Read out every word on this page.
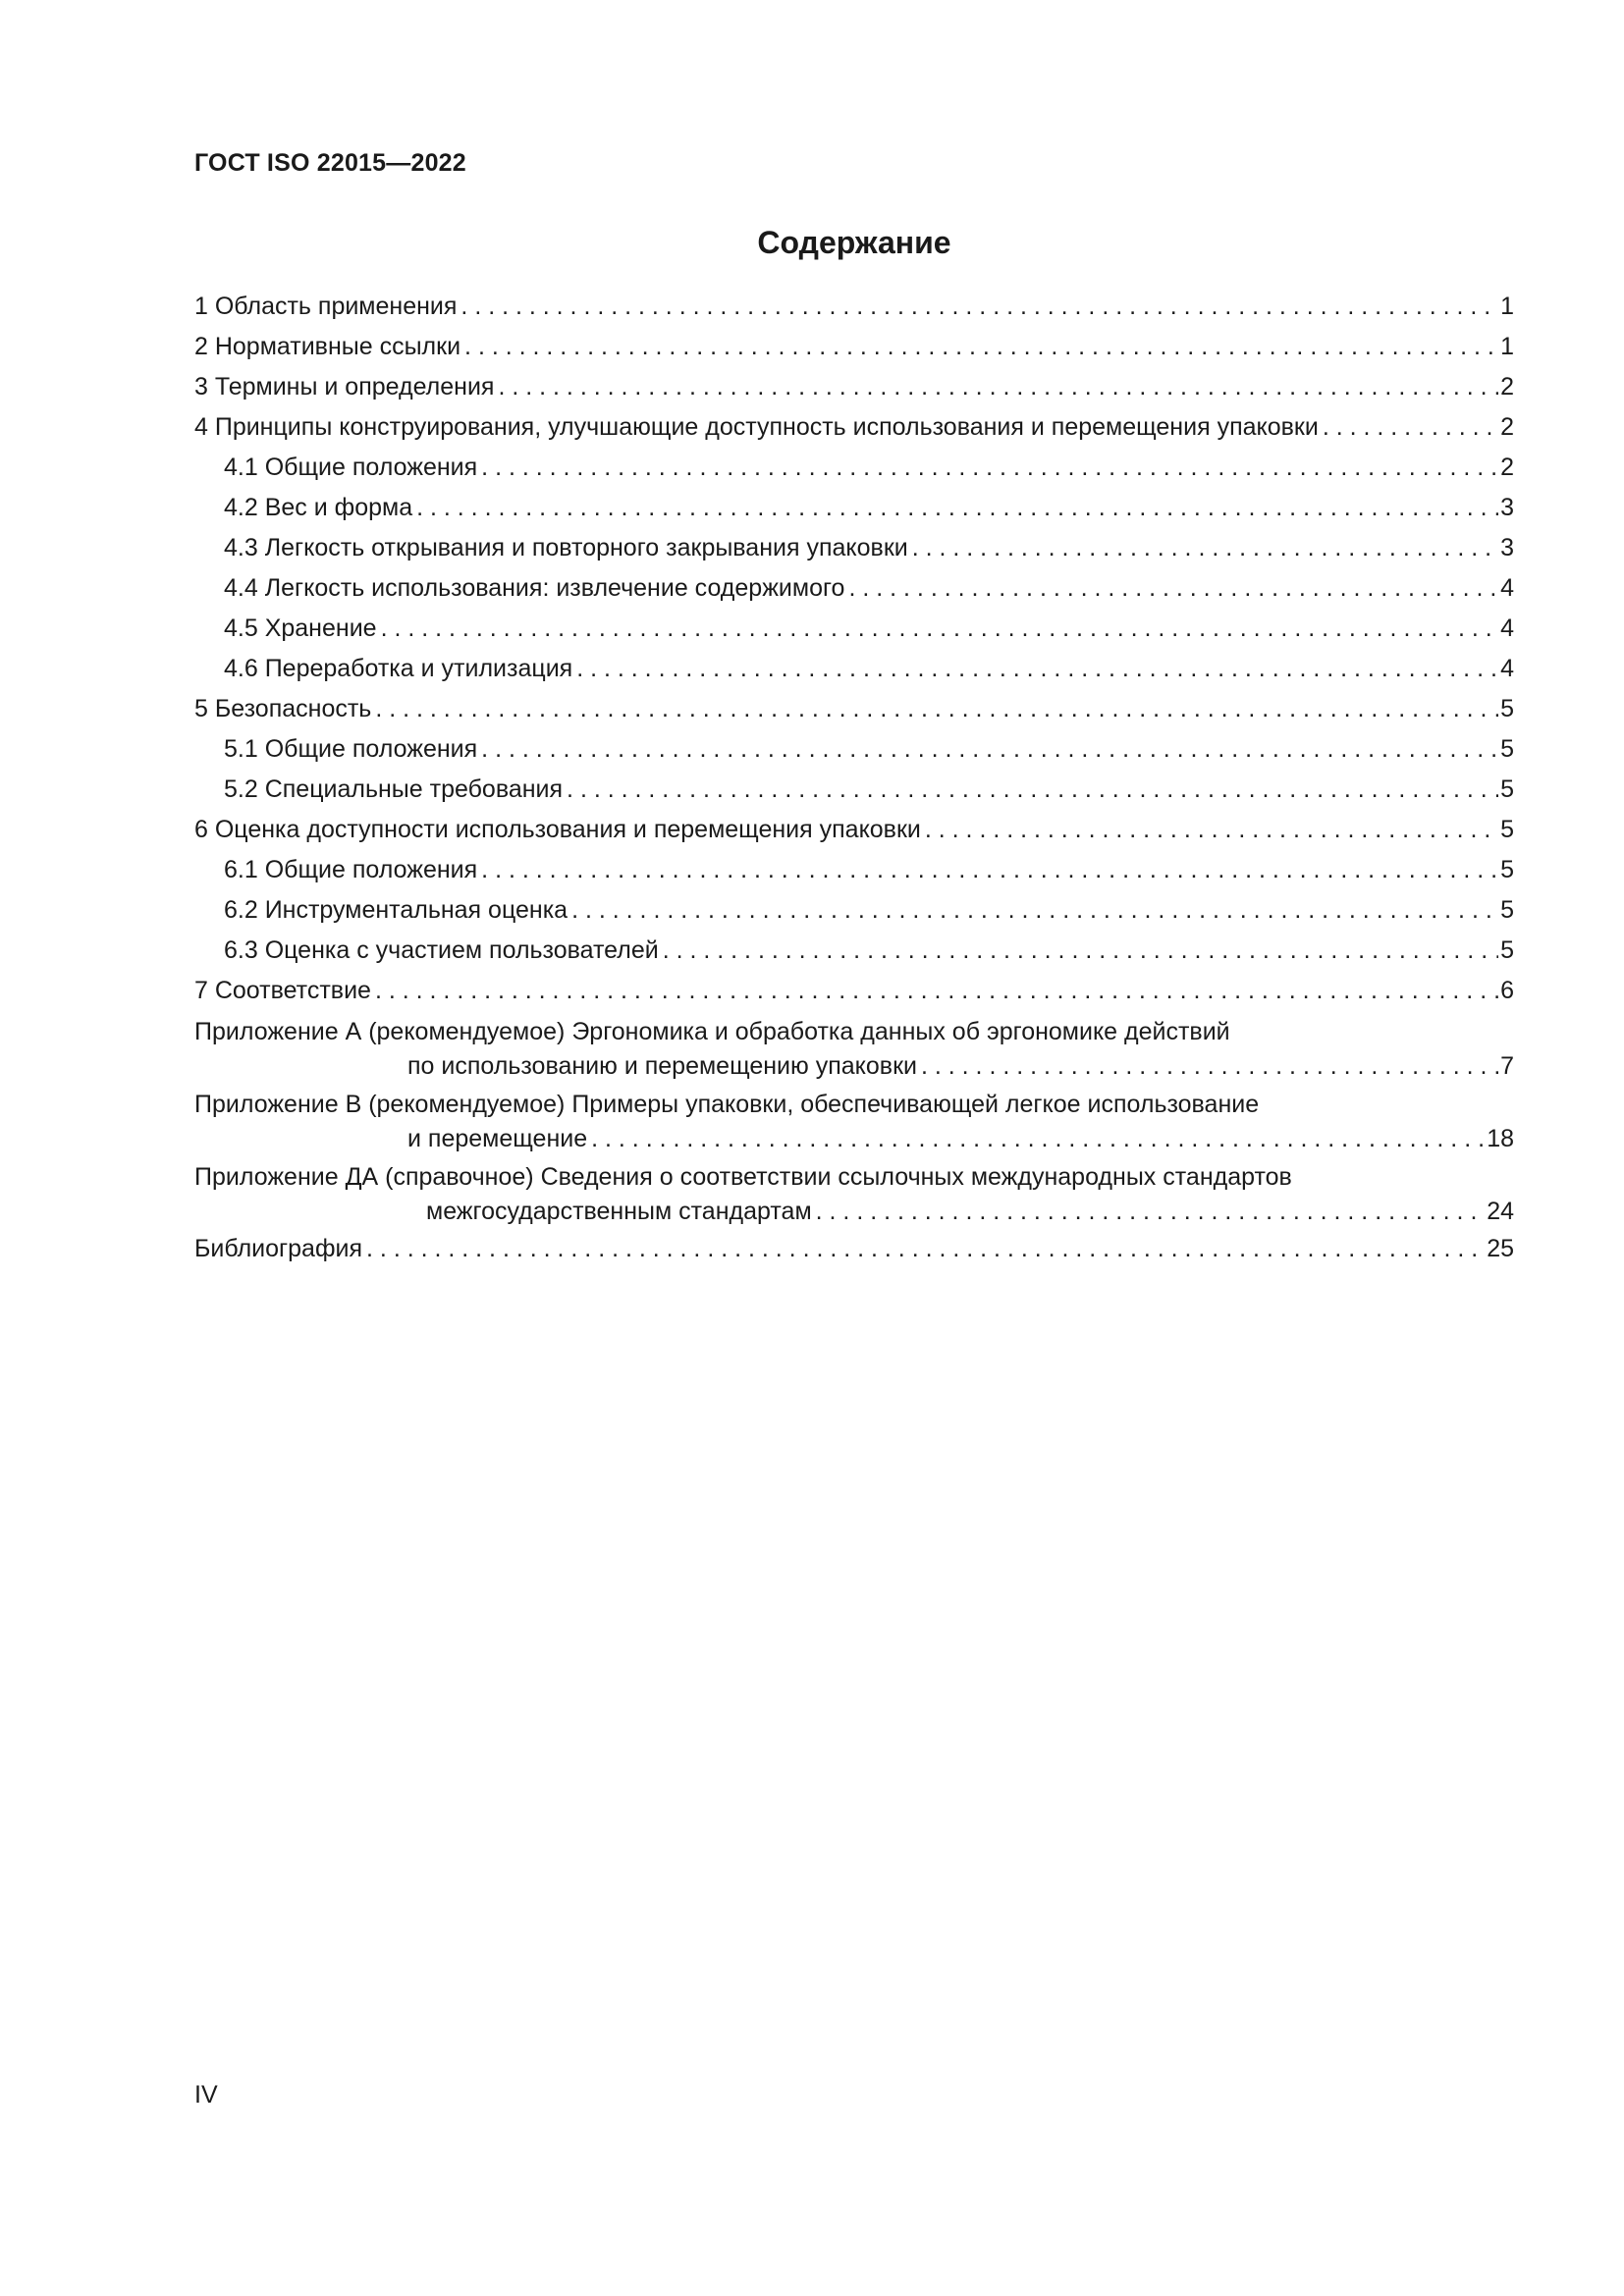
ГОСТ ISO 22015—2022
Содержание
1 Область применения . . .	1
2 Нормативные ссылки . . .	1
3 Термины и определения . . .	2
4 Принципы конструирования, улучшающие доступность использования и перемещения упаковки . . .	2
4.1 Общие положения . . .	2
4.2 Вес и форма . . .	3
4.3 Легкость открывания и повторного закрывания упаковки . . .	3
4.4 Легкость использования: извлечение содержимого . . .	4
4.5 Хранение . . .	4
4.6 Переработка и утилизация . . .	4
5 Безопасность . . .	5
5.1 Общие положения . . .	5
5.2 Специальные требования . . .	5
6 Оценка доступности использования и перемещения упаковки . . .	5
6.1 Общие положения . . .	5
6.2 Инструментальная оценка . . .	5
6.3 Оценка с участием пользователей . . .	5
7 Соответствие . . .	6
Приложение А (рекомендуемое) Эргономика и обработка данных об эргономике действий
по использованию и перемещению упаковки . . .	7
Приложение В (рекомендуемое) Примеры упаковки, обеспечивающей легкое использование
и перемещение . . .	18
Приложение ДА (справочное) Сведения о соответствии ссылочных международных стандартов
межгосударственным стандартам . . .	24
Библиография . . .	25
IV
